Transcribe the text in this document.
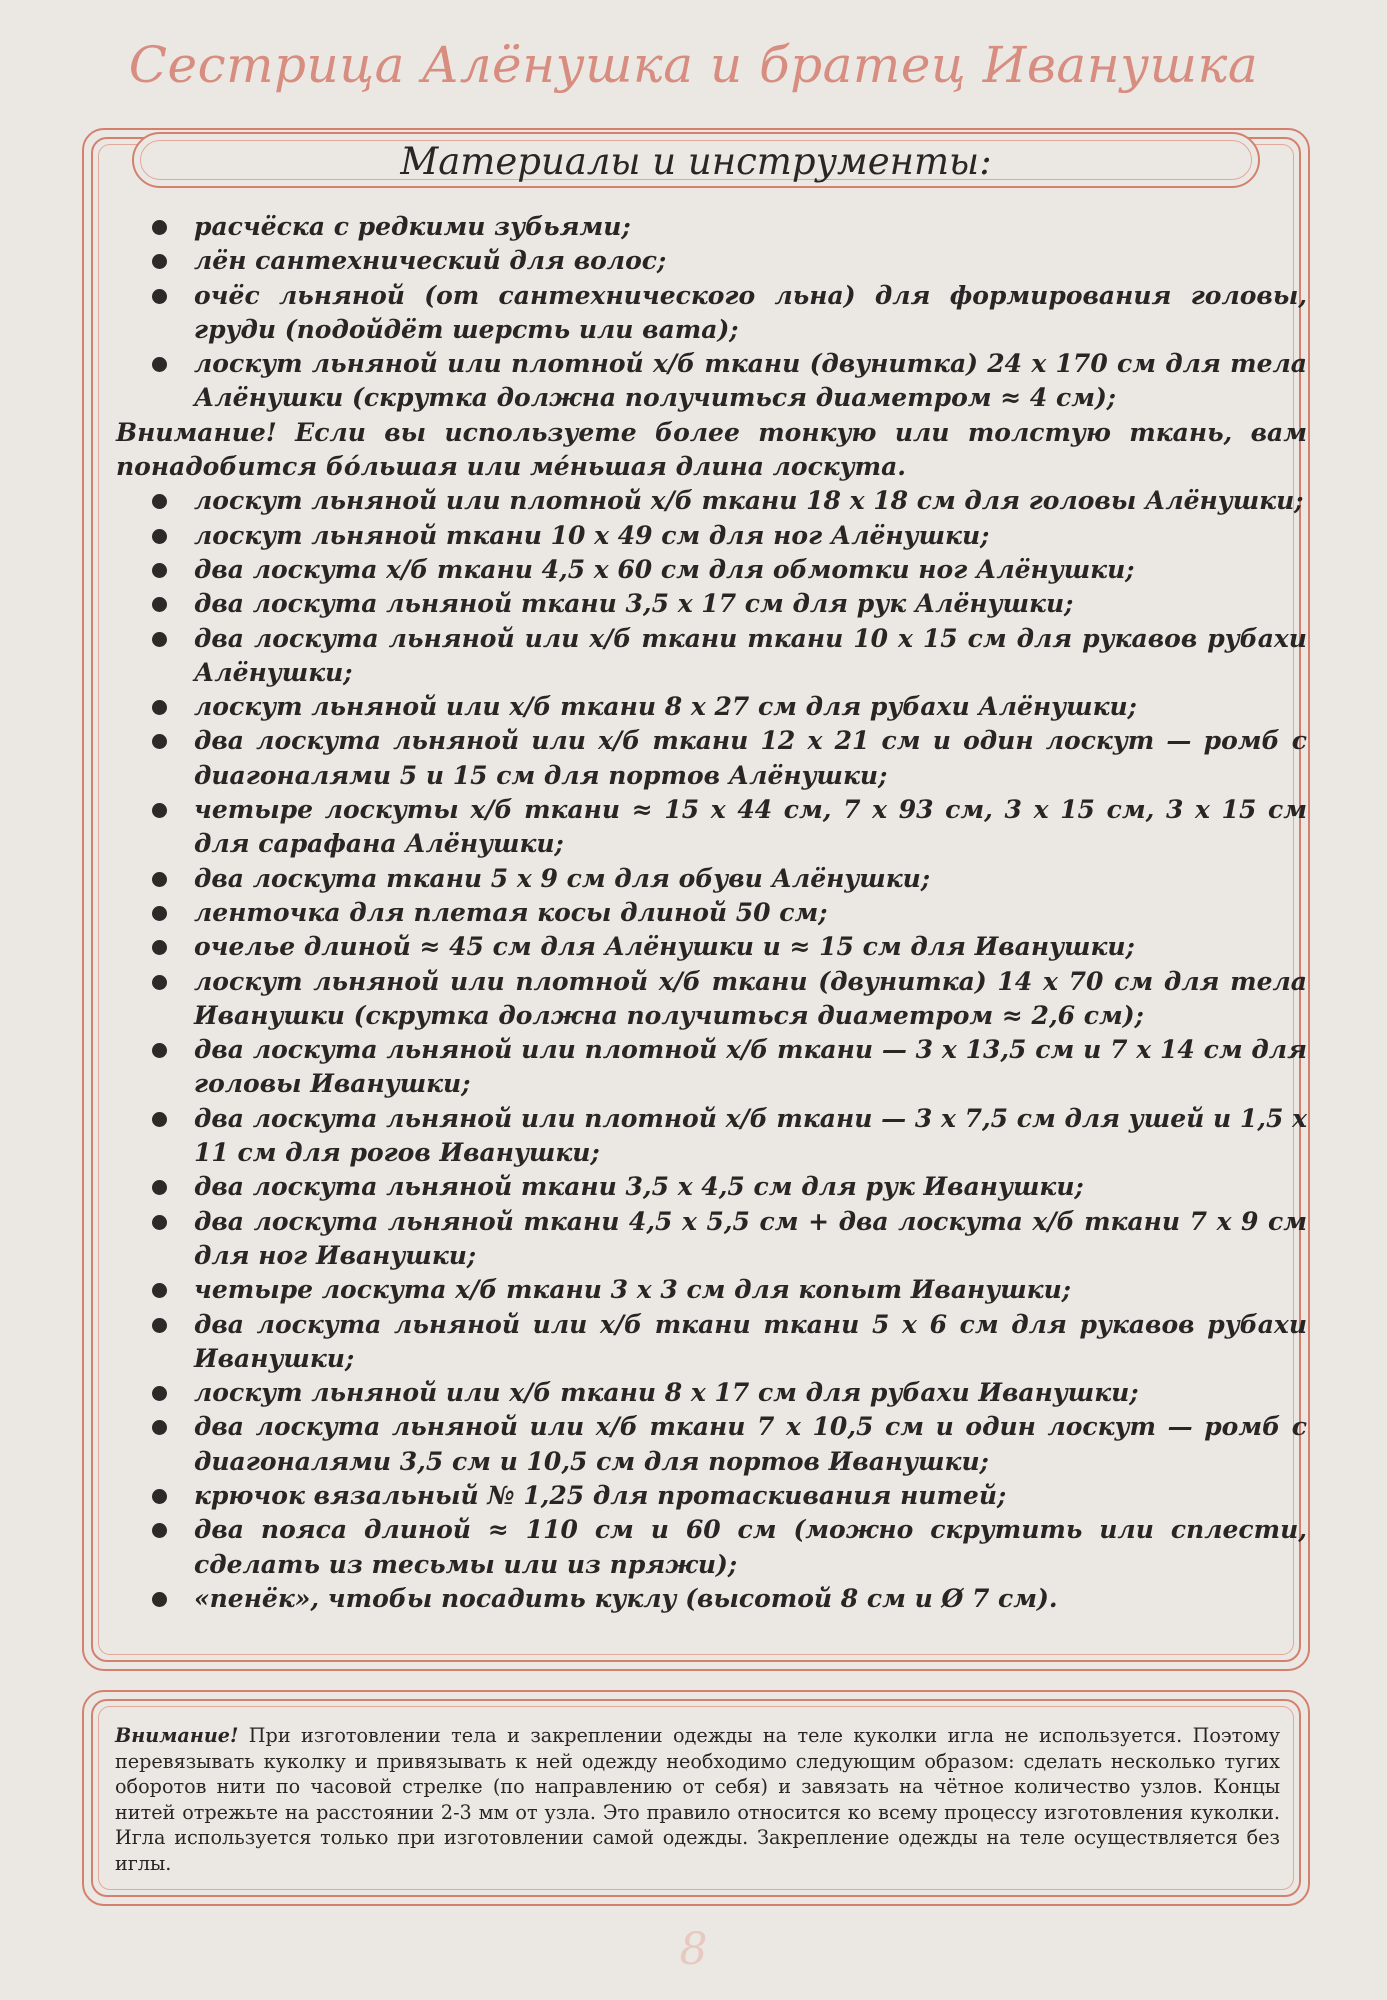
Сестрица Алёнушка и братец Иванушка
Материалы и инструменты:
расчёска с редкими зубьями;
лён сантехнический для волос;
очёс льняной (от сантехнического льна) для формирования головы, груди (подойдёт шерсть или вата);
лоскут льняной или плотной х/б ткани (двунитка) 24 х 170 см для тела Алёнушки (скрутка должна получиться диаметром ≈ 4 см);
Внимание! Если вы используете более тонкую или толстую ткань, вам понадобится бóльшая или мéньшая длина лоскута.
лоскут льняной или плотной х/б ткани 18 х 18 см для головы Алёнушки;
лоскут льняной ткани 10 х 49 см для ног Алёнушки;
два лоскута х/б ткани 4,5 х 60 см для обмотки ног Алёнушки;
два лоскута льняной ткани 3,5 х 17 см для рук Алёнушки;
два лоскута льняной или х/б ткани ткани 10 х 15 см для рукавов рубахи Алёнушки;
лоскут льняной или х/б ткани 8 х 27 см для рубахи Алёнушки;
два лоскута льняной или х/б ткани 12 х 21 см и один лоскут — ромб с диагоналями 5 и 15 см для портов Алёнушки;
четыре лоскуты х/б ткани ≈ 15 х 44 см, 7 х 93 см, 3 х 15 см, 3 х 15 см для сарафана Алёнушки;
два лоскута ткани 5 х 9 см для обуви Алёнушки;
ленточка для плетая косы длиной 50 см;
очелье длиной ≈ 45 см для Алёнушки и ≈ 15 см для Иванушки;
лоскут льняной или плотной х/б ткани (двунитка) 14 х 70 см для тела Иванушки (скрутка должна получиться диаметром ≈ 2,6 см);
два лоскута льняной или плотной х/б ткани — 3 х 13,5 см и 7 х 14 см для головы Иванушки;
два лоскута льняной или плотной х/б ткани — 3 х 7,5 см для ушей и 1,5 х 11 см для рогов Иванушки;
два лоскута льняной ткани 3,5 х 4,5 см для рук Иванушки;
два лоскута льняной ткани 4,5 х 5,5 см + два лоскута х/б ткани 7 х 9 см для ног Иванушки;
четыре лоскута х/б ткани 3 х 3 см для копыт Иванушки;
два лоскута льняной или х/б ткани ткани 5 х 6 см для рукавов рубахи Иванушки;
лоскут льняной или х/б ткани 8 х 17 см для рубахи Иванушки;
два лоскута льняной или х/б ткани 7 х 10,5 см и один лоскут — ромб с диагоналями 3,5 см и 10,5 см для портов Иванушки;
крючок вязальный № 1,25 для протаскивания нитей;
два пояса длиной ≈ 110 см и 60 см (можно скрутить или сплести, сделать из тесьмы или из пряжи);
«пенёк», чтобы посадить куклу (высотой 8 см и Ø 7 см).
Внимание! При изготовлении тела и закреплении одежды на теле куколки игла не используется. Поэтому перевязывать куколку и привязывать к ней одежду необходимо следующим образом: сделать несколько тугих оборотов нити по часовой стрелке (по направлению от себя) и завязать на чётное количество узлов. Концы нитей отрежьте на расстоянии 2-3 мм от узла. Это правило относится ко всему процессу изготовления куколки. Игла используется только при изготовлении самой одежды. Закрепление одежды на теле осуществляется без иглы.
8
